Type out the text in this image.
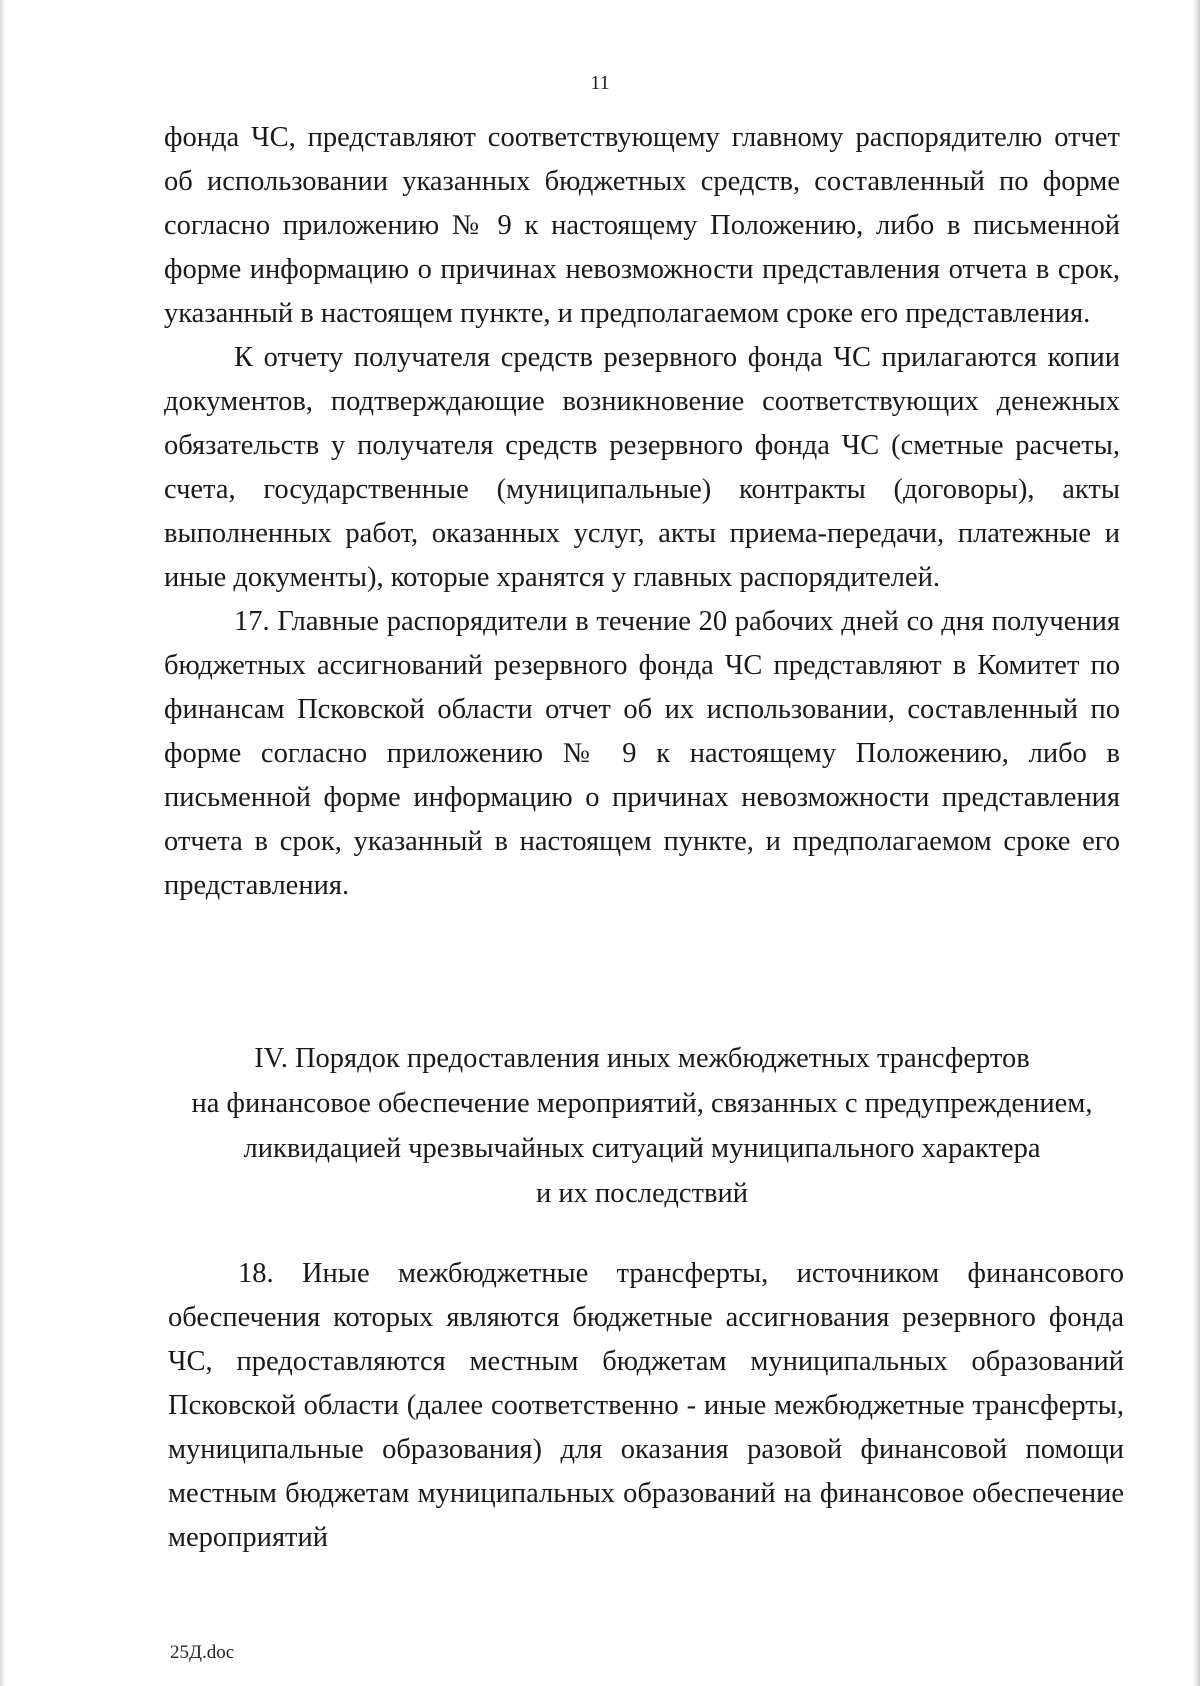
11

фонда ЧС, представляют соответствующему главному распорядителю отчет об использовании указанных бюджетных средств, составленный по форме согласно приложению № 9 к настоящему Положению, либо в письменной форме информацию о причинах невозможности представления отчета в срок, указанный в настоящем пункте, и предполагаемом сроке его представления.

К отчету получателя средств резервного фонда ЧС прилагаются копии документов, подтверждающие возникновение соответствующих денежных обязательств у получателя средств резервного фонда ЧС (сметные расчеты, счета, государственные (муниципальные) контракты (договоры), акты выполненных работ, оказанных услуг, акты приема-передачи, платежные и иные документы), которые хранятся у главных распорядителей.

17. Главные распорядители в течение 20 рабочих дней со дня получения бюджетных ассигнований резервного фонда ЧС представляют в Комитет по финансам Псковской области отчет об их использовании, составленный по форме согласно приложению № 9 к настоящему Положению, либо в письменной форме информацию о причинах невозможности представления отчета в срок, указанный в настоящем пункте, и предполагаемом сроке его представления.

IV. Порядок предоставления иных межбюджетных трансфертов
на финансовое обеспечение мероприятий, связанных с предупреждением,
ликвидацией чрезвычайных ситуаций муниципального характера
и их последствий

18. Иные межбюджетные трансферты, источником финансового обеспечения которых являются бюджетные ассигнования резервного фонда ЧС, предоставляются местным бюджетам муниципальных образований Псковской области (далее соответственно - иные межбюджетные трансферты, муниципальные образования) для оказания разовой финансовой помощи местным бюджетам муниципальных образований на финансовое обеспечение мероприятий

25Д.doc
